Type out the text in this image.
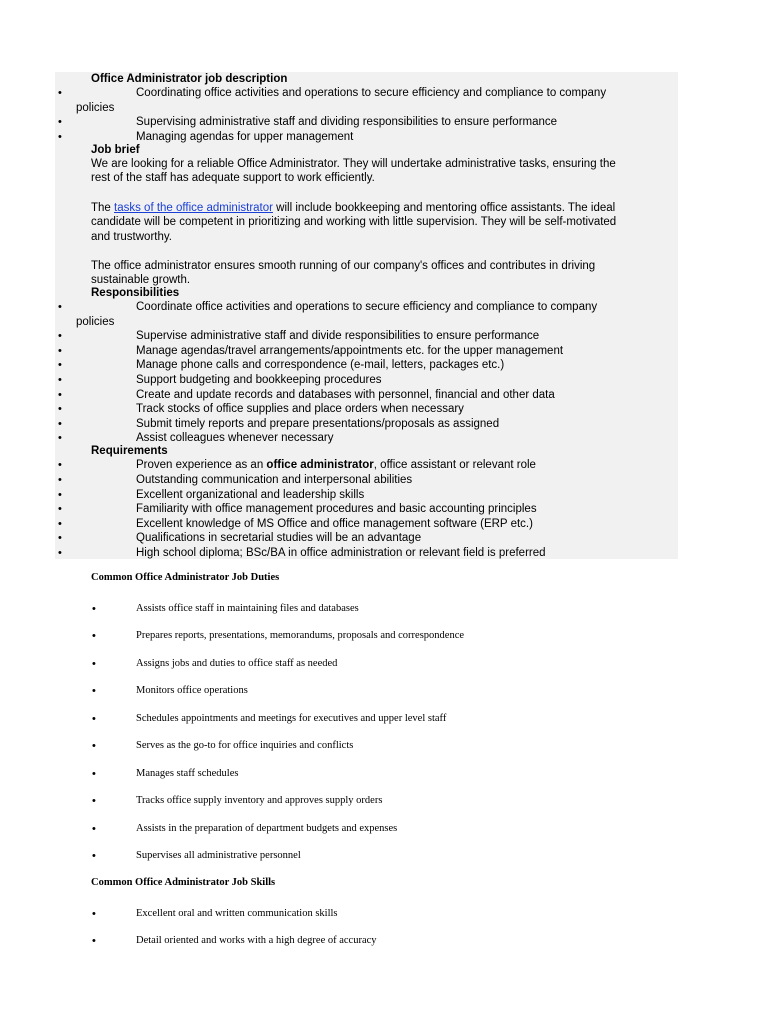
Office Administrator job description
•	Coordinating office activities and operations to secure efficiency and compliance to company
policies
•	Supervising administrative staff and dividing responsibilities to ensure performance
•	Managing agendas for upper management
Job brief
We are looking for a reliable Office Administrator. They will undertake administrative tasks, ensuring the
rest of the staff has adequate support to work efficiently.
The tasks of the office administrator will include bookkeeping and mentoring office assistants. The ideal
candidate will be competent in prioritizing and working with little supervision. They will be self-motivated
and trustworthy.
The office administrator ensures smooth running of our company's offices and contributes in driving
sustainable growth.
Responsibilities
•	Coordinate office activities and operations to secure efficiency and compliance to company
policies
•	Supervise administrative staff and divide responsibilities to ensure performance
•	Manage agendas/travel arrangements/appointments etc. for the upper management
•	Manage phone calls and correspondence (e-mail, letters, packages etc.)
•	Support budgeting and bookkeeping procedures
•	Create and update records and databases with personnel, financial and other data
•	Track stocks of office supplies and place orders when necessary
•	Submit timely reports and prepare presentations/proposals as assigned
•	Assist colleagues whenever necessary
Requirements
•	Proven experience as an office administrator, office assistant or relevant role
•	Outstanding communication and interpersonal abilities
•	Excellent organizational and leadership skills
•	Familiarity with office management procedures and basic accounting principles
•	Excellent knowledge of MS Office and office management software (ERP etc.)
•	Qualifications in secretarial studies will be an advantage
•	High school diploma; BSc/BA in office administration or relevant field is preferred
Common Office Administrator Job Duties
•	Assists office staff in maintaining files and databases
•	Prepares reports, presentations, memorandums, proposals and correspondence
•	Assigns jobs and duties to office staff as needed
•	Monitors office operations
•	Schedules appointments and meetings for executives and upper level staff
•	Serves as the go-to for office inquiries and conflicts
•	Manages staff schedules
•	Tracks office supply inventory and approves supply orders
•	Assists in the preparation of department budgets and expenses
•	Supervises all administrative personnel
Common Office Administrator Job Skills
•	Excellent oral and written communication skills
•	Detail oriented and works with a high degree of accuracy
